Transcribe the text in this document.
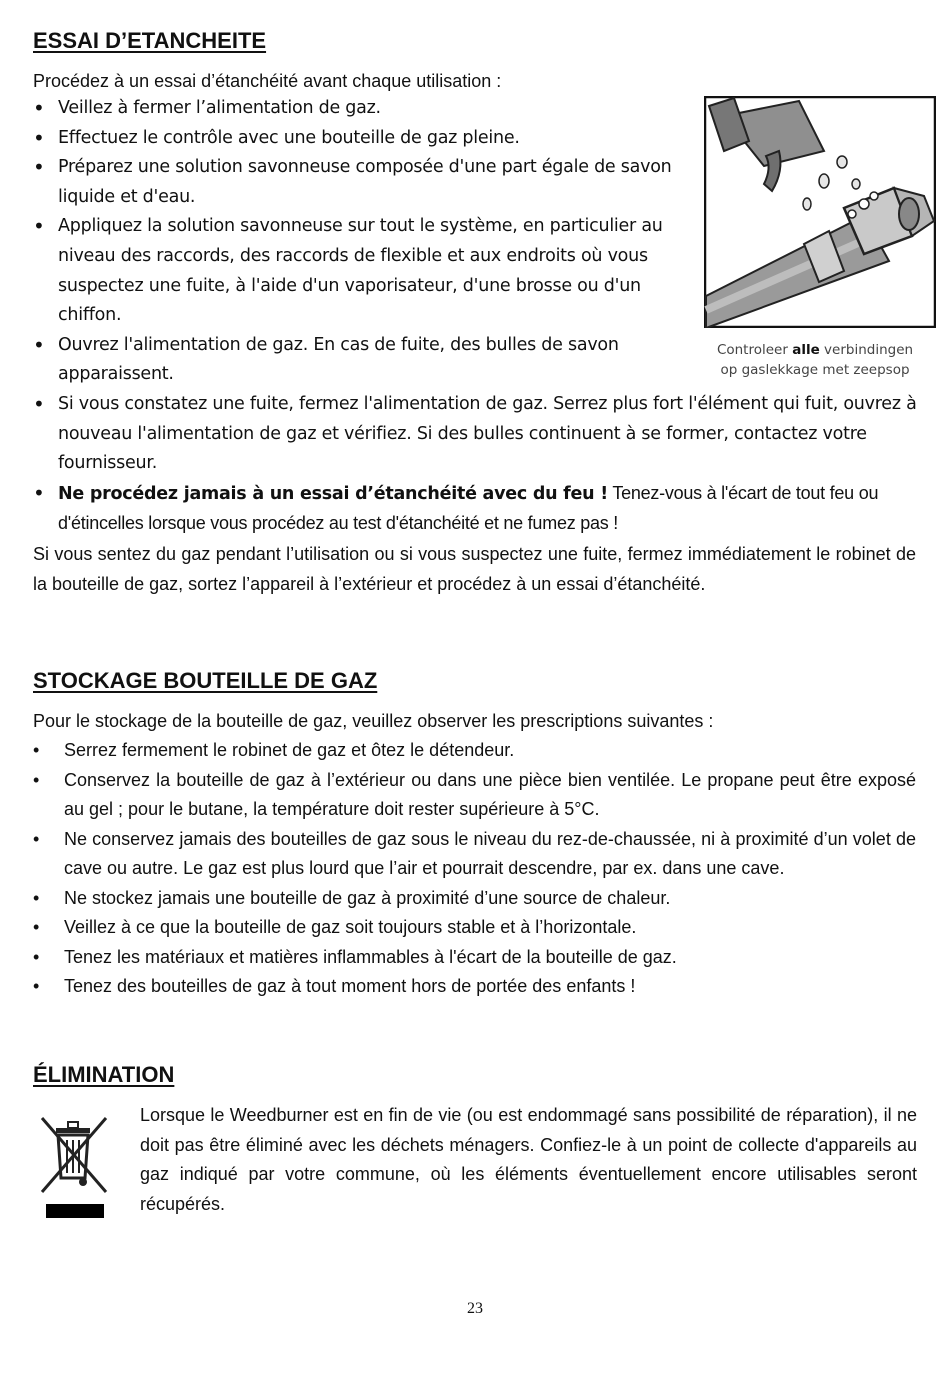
ESSAI D’ETANCHEITE

Procédez à un essai d’étanchéité avant chaque utilisation :

• Veillez à fermer l’alimentation de gaz.
• Effectuez le contrôle avec une bouteille de gaz pleine.
• Préparez une solution savonneuse composée d'une part égale de savon liquide et d'eau.
• Appliquez la solution savonneuse sur tout le système, en particulier au niveau des raccords, des raccords de flexible et aux endroits où vous suspectez une fuite, à l'aide d'un vaporisateur, d'une brosse ou d'un chiffon.
• Ouvrez l'alimentation de gaz. En cas de fuite, des bulles de savon apparaissent.
• Si vous constatez une fuite, fermez l'alimentation de gaz. Serrez plus fort l'élément qui fuit, ouvrez à nouveau l'alimentation de gaz et vérifiez. Si des bulles continuent à se former, contactez votre fournisseur.
• Ne procédez jamais à un essai d’étanchéité avec du feu ! Tenez-vous à l'écart de tout feu ou d'étincelles lorsque vous procédez au test d'étanchéité et ne fumez pas !

Si vous sentez du gaz pendant l’utilisation ou si vous suspectez une fuite, fermez immédiatement le robinet de la bouteille de gaz, sortez l’appareil à l’extérieur et procédez à un essai d’étanchéité.

Controleer alle verbindingen
op gaslekkage met zeepsop

STOCKAGE BOUTEILLE DE GAZ

Pour le stockage de la bouteille de gaz, veuillez observer les prescriptions suivantes :

• Serrez fermement le robinet de gaz et ôtez le détendeur.
• Conservez la bouteille de gaz à l’extérieur ou dans une pièce bien ventilée. Le propane peut être exposé au gel ; pour le butane, la température doit rester supérieure à 5°C.
• Ne conservez jamais des bouteilles de gaz sous le niveau du rez-de-chaussée, ni à proximité d’un volet de cave ou autre. Le gaz est plus lourd que l’air et pourrait descendre, par ex. dans une cave.
• Ne stockez jamais une bouteille de gaz à proximité d’une source de chaleur.
• Veillez à ce que la bouteille de gaz soit toujours stable et à l’horizontale.
• Tenez les matériaux et matières inflammables à l'écart de la bouteille de gaz.
• Tenez des bouteilles de gaz à tout moment hors de portée des enfants !
ÉLIMINATION

Lorsque le Weedburner est en fin de vie (ou est endommagé sans possibilité de réparation), il ne doit pas être éliminé avec les déchets ménagers. Confiez-le à un point de collecte d'appareils au gaz indiqué par votre commune, où les éléments éventuellement encore utilisables seront récupérés.

23
